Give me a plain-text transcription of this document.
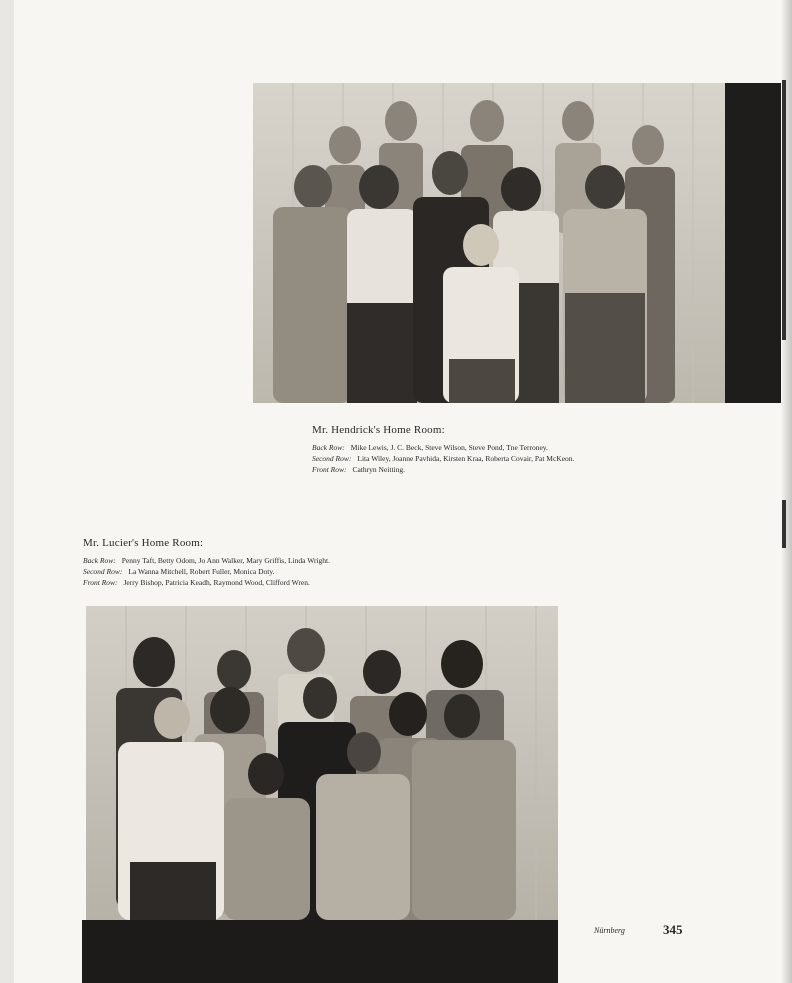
Mr. Hendrick's Home Room:
Back Row: Mike Lewis, J. C. Beck, Steve Wilson, Steve Pond, Tne Terroney.
Second Row: Lita Wiley, Joanne Pavhida, Kirsten Kraa, Roberta Covair, Pat McKeon.
Front Row: Cathryn Neitting.
Mr. Lucier's Home Room:
Back Row: Penny Taft, Betty Odom, Jo Ann Walker, Mary Griffis, Linda Wright.
Second Row: La Wanna Mitchell, Robert Fuller, Monica Doty.
Front Row: Jerry Bishop, Patricia Keadh, Raymond Wood, Clifford Wren.
Nürnberg	345
